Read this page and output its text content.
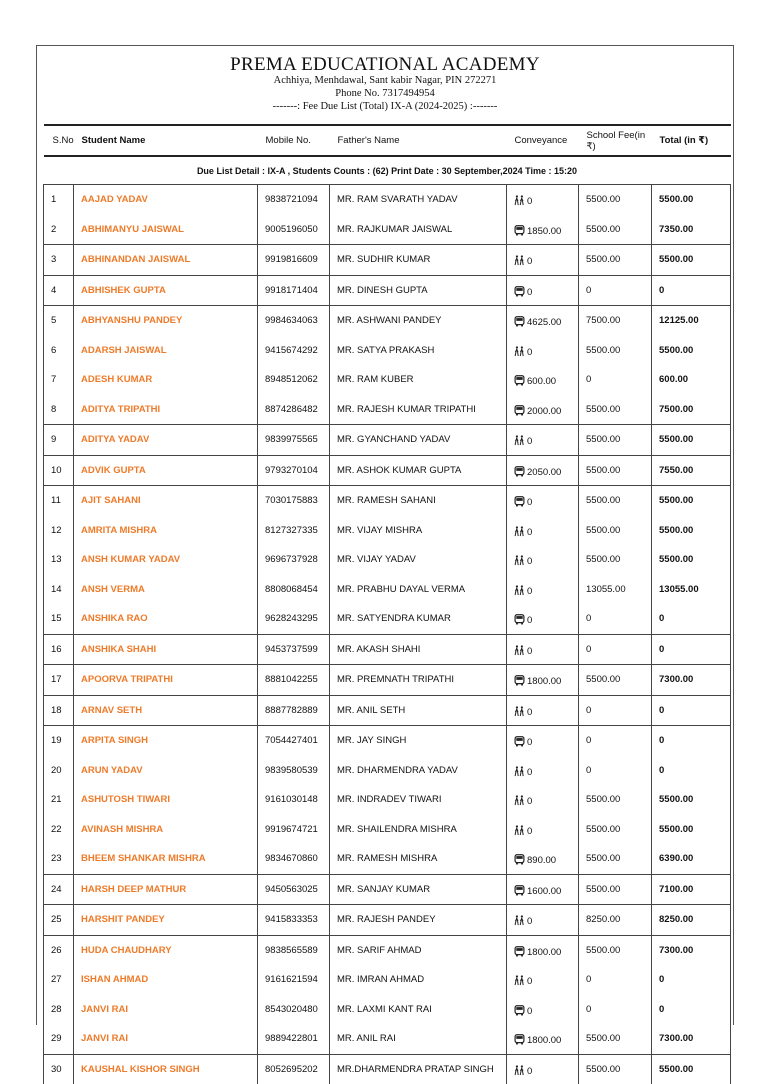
PREMA EDUCATIONAL ACADEMY
Achhiya, Menhdawal, Sant kabir Nagar, PIN 272271
Phone No. 7317494954
-------: Fee Due List (Total) IX-A (2024-2025) :-------
S.No	Student Name	Mobile No.	Father's Name	Conveyance	School Fee(in ₹)	Total (in ₹)
Due List Detail : IX-A , Students Counts : (62) Print Date : 30 September,2024 Time : 15:20						
1	AAJAD YADAV	9838721094	MR. RAM SVARATH YADAV	0	5500.00	5500.00
2	ABHIMANYU JAISWAL	9005196050	MR. RAJKUMAR JAISWAL	1850.00	5500.00	7350.00
3	ABHINANDAN JAISWAL	9919816609	MR. SUDHIR KUMAR	0	5500.00	5500.00
4	ABHISHEK GUPTA	9918171404	MR. DINESH GUPTA	0	0	0
5	ABHYANSHU PANDEY	9984634063	MR. ASHWANI PANDEY	4625.00	7500.00	12125.00
6	ADARSH JAISWAL	9415674292	MR. SATYA PRAKASH	0	5500.00	5500.00
7	ADESH KUMAR	8948512062	MR. RAM KUBER	600.00	0	600.00
8	ADITYA TRIPATHI	8874286482	MR. RAJESH KUMAR TRIPATHI	2000.00	5500.00	7500.00
9	ADITYA YADAV	9839975565	MR. GYANCHAND YADAV	0	5500.00	5500.00
10	ADVIK GUPTA	9793270104	MR. ASHOK KUMAR GUPTA	2050.00	5500.00	7550.00
11	AJIT SAHANI	7030175883	MR. RAMESH SAHANI	0	5500.00	5500.00
12	AMRITA MISHRA	8127327335	MR. VIJAY MISHRA	0	5500.00	5500.00
13	ANSH KUMAR YADAV	9696737928	MR. VIJAY YADAV	0	5500.00	5500.00
14	ANSH VERMA	8808068454	MR. PRABHU DAYAL VERMA	0	13055.00	13055.00
15	ANSHIKA RAO	9628243295	MR. SATYENDRA KUMAR	0	0	0
16	ANSHIKA SHAHI	9453737599	MR. AKASH SHAHI	0	0	0
17	APOORVA TRIPATHI	8881042255	MR. PREMNATH TRIPATHI	1800.00	5500.00	7300.00
18	ARNAV SETH	8887782889	MR. ANIL SETH	0	0	0
19	ARPITA SINGH	7054427401	MR. JAY SINGH	0	0	0
20	ARUN YADAV	9839580539	MR. DHARMENDRA YADAV	0	0	0
21	ASHUTOSH TIWARI	9161030148	MR. INDRADEV TIWARI	0	5500.00	5500.00
22	AVINASH MISHRA	9919674721	MR. SHAILENDRA MISHRA	0	5500.00	5500.00
23	BHEEM SHANKAR MISHRA	9834670860	MR. RAMESH MISHRA	890.00	5500.00	6390.00
24	HARSH DEEP MATHUR	9450563025	MR. SANJAY KUMAR	1600.00	5500.00	7100.00
25	HARSHIT PANDEY	9415833353	MR. RAJESH PANDEY	0	8250.00	8250.00
26	HUDA CHAUDHARY	9838565589	MR. SARIF AHMAD	1800.00	5500.00	7300.00
27	ISHAN AHMAD	9161621594	MR. IMRAN AHMAD	0	0	0
28	JANVI RAI	8543020480	MR. LAXMI KANT RAI	0	0	0
29	JANVI RAI	9889422801	MR. ANIL RAI	1800.00	5500.00	7300.00
30	KAUSHAL KISHOR SINGH	8052695202	MR.DHARMENDRA PRATAP SINGH	0	5500.00	5500.00
